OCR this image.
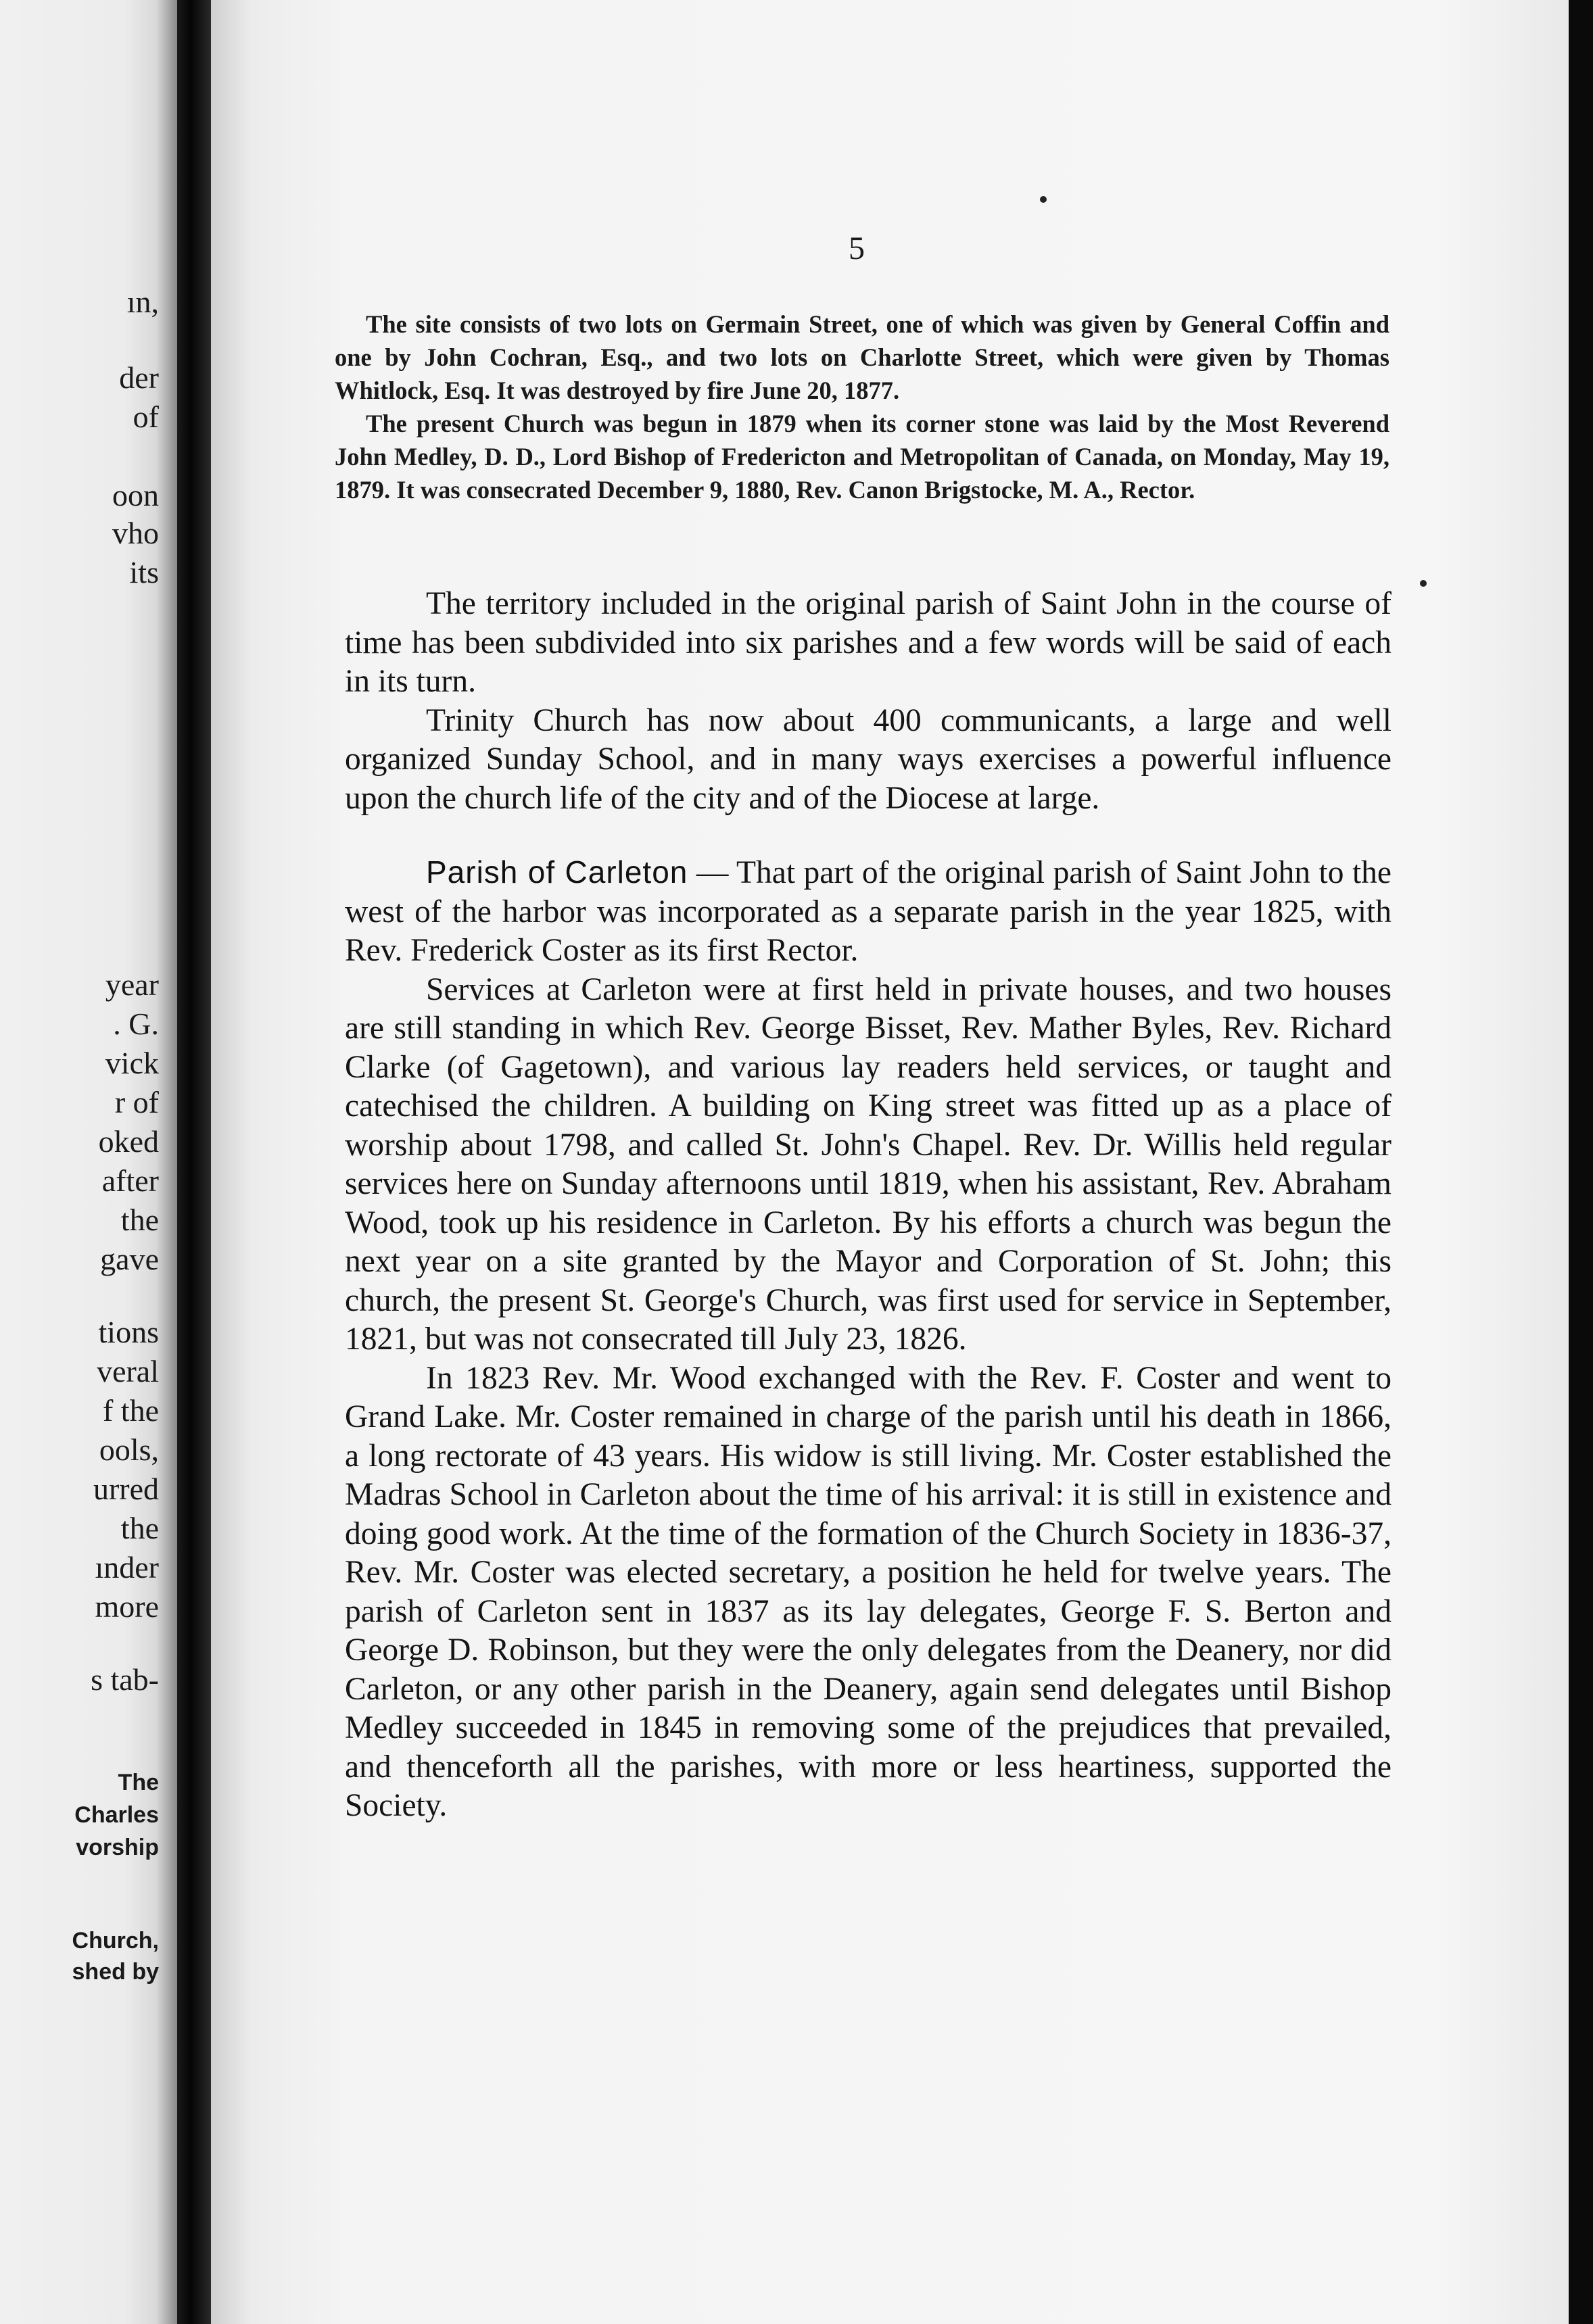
ın,

der

of

oon

vho

its

year

. G.

vick

r of

oked

after

the

gave

tions

veral

f the

ools,

urred

the

ınder

more

s tab-

The

Charles

vorship

Church,

shed by

5

The site consists of two lots on Germain Street, one of which was given by General Coffin and one by John Cochran, Esq., and two lots on Charlotte Street, which were given by Thomas Whitlock, Esq. It was destroyed by fire June 20, 1877.

The present Church was begun in 1879 when its corner stone was laid by the Most Reverend John Medley, D. D., Lord Bishop of Fredericton and Metropolitan of Canada, on Monday, May 19, 1879. It was consecrated December 9, 1880, Rev. Canon Brigstocke, M. A., Rector.

The territory included in the original parish of Saint John in the course of time has been subdivided into six parishes and a few words will be said of each in its turn.

Trinity Church has now about 400 communicants, a large and well organized Sunday School, and in many ways exercises a powerful influence upon the church life of the city and of the Diocese at large.

Parish of Carleton — That part of the original parish of Saint John to the west of the harbor was incorporated as a separate parish in the year 1825, with Rev. Frederick Coster as its first Rector.

Services at Carleton were at first held in private houses, and two houses are still standing in which Rev. George Bisset, Rev. Mather Byles, Rev. Richard Clarke (of Gagetown), and various lay readers held services, or taught and catechised the children. A building on King street was fitted up as a place of worship about 1798, and called St. John's Chapel. Rev. Dr. Willis held regular services here on Sunday afternoons until 1819, when his assistant, Rev. Abraham Wood, took up his residence in Carleton. By his efforts a church was begun the next year on a site granted by the Mayor and Corporation of St. John; this church, the present St. George's Church, was first used for service in September, 1821, but was not consecrated till July 23, 1826.

In 1823 Rev. Mr. Wood exchanged with the Rev. F. Coster and went to Grand Lake. Mr. Coster remained in charge of the parish until his death in 1866, a long rectorate of 43 years. His widow is still living. Mr. Coster established the Madras School in Carleton about the time of his arrival: it is still in existence and doing good work. At the time of the formation of the Church Society in 1836-37, Rev. Mr. Coster was elected secretary, a position he held for twelve years. The parish of Carleton sent in 1837 as its lay delegates, George F. S. Berton and George D. Robinson, but they were the only delegates from the Deanery, nor did Carleton, or any other parish in the Deanery, again send delegates until Bishop Medley succeeded in 1845 in removing some of the prejudices that prevailed, and thenceforth all the parishes, with more or less heartiness, supported the Society.
